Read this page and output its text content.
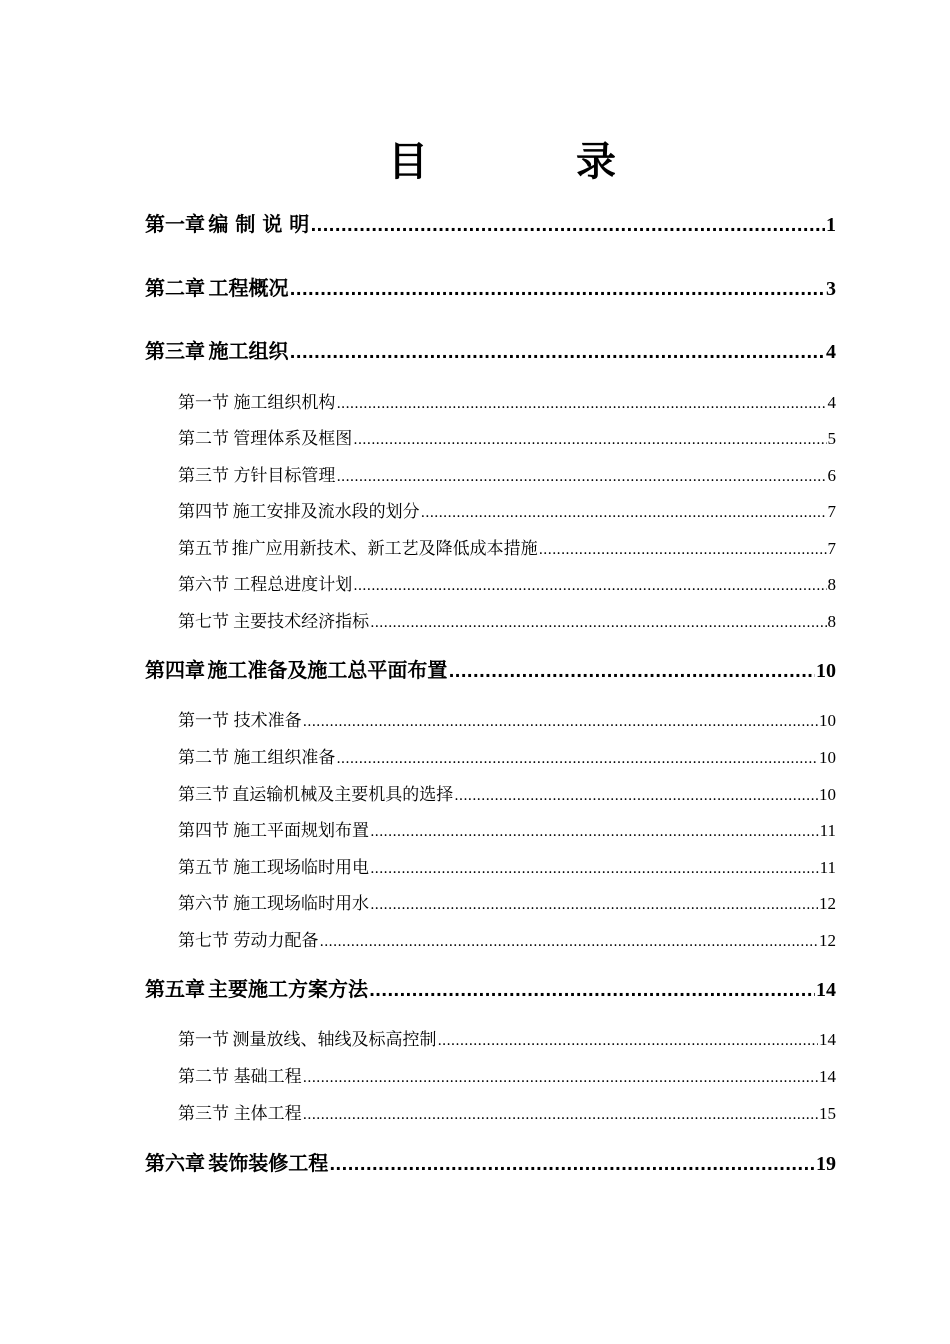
目　录
第一章 编 制 说 明 .....	1
第二章 工程概况 .....	3
第三章 施工组织 .....	4
第一节 施工组织机构 .....	4
第二节 管理体系及框图 .....	5
第三节 方针目标管理 .....	6
第四节 施工安排及流水段的划分 .....	7
第五节 推广应用新技术、新工艺及降低成本措施 .....	7
第六节 工程总进度计划 .....	8
第七节 主要技术经济指标 .....	8
第四章 施工准备及施工总平面布置 .....	10
第一节 技术准备 .....	10
第二节 施工组织准备 .....	10
第三节 直运输机械及主要机具的选择 .....	10
第四节 施工平面规划布置 .....	11
第五节 施工现场临时用电 .....	11
第六节 施工现场临时用水 .....	12
第七节 劳动力配备 .....	12
第五章 主要施工方案方法 .....	14
第一节 测量放线、轴线及标高控制 .....	14
第二节 基础工程 .....	14
第三节 主体工程 .....	15
第六章 装饰装修工程 .....	19
